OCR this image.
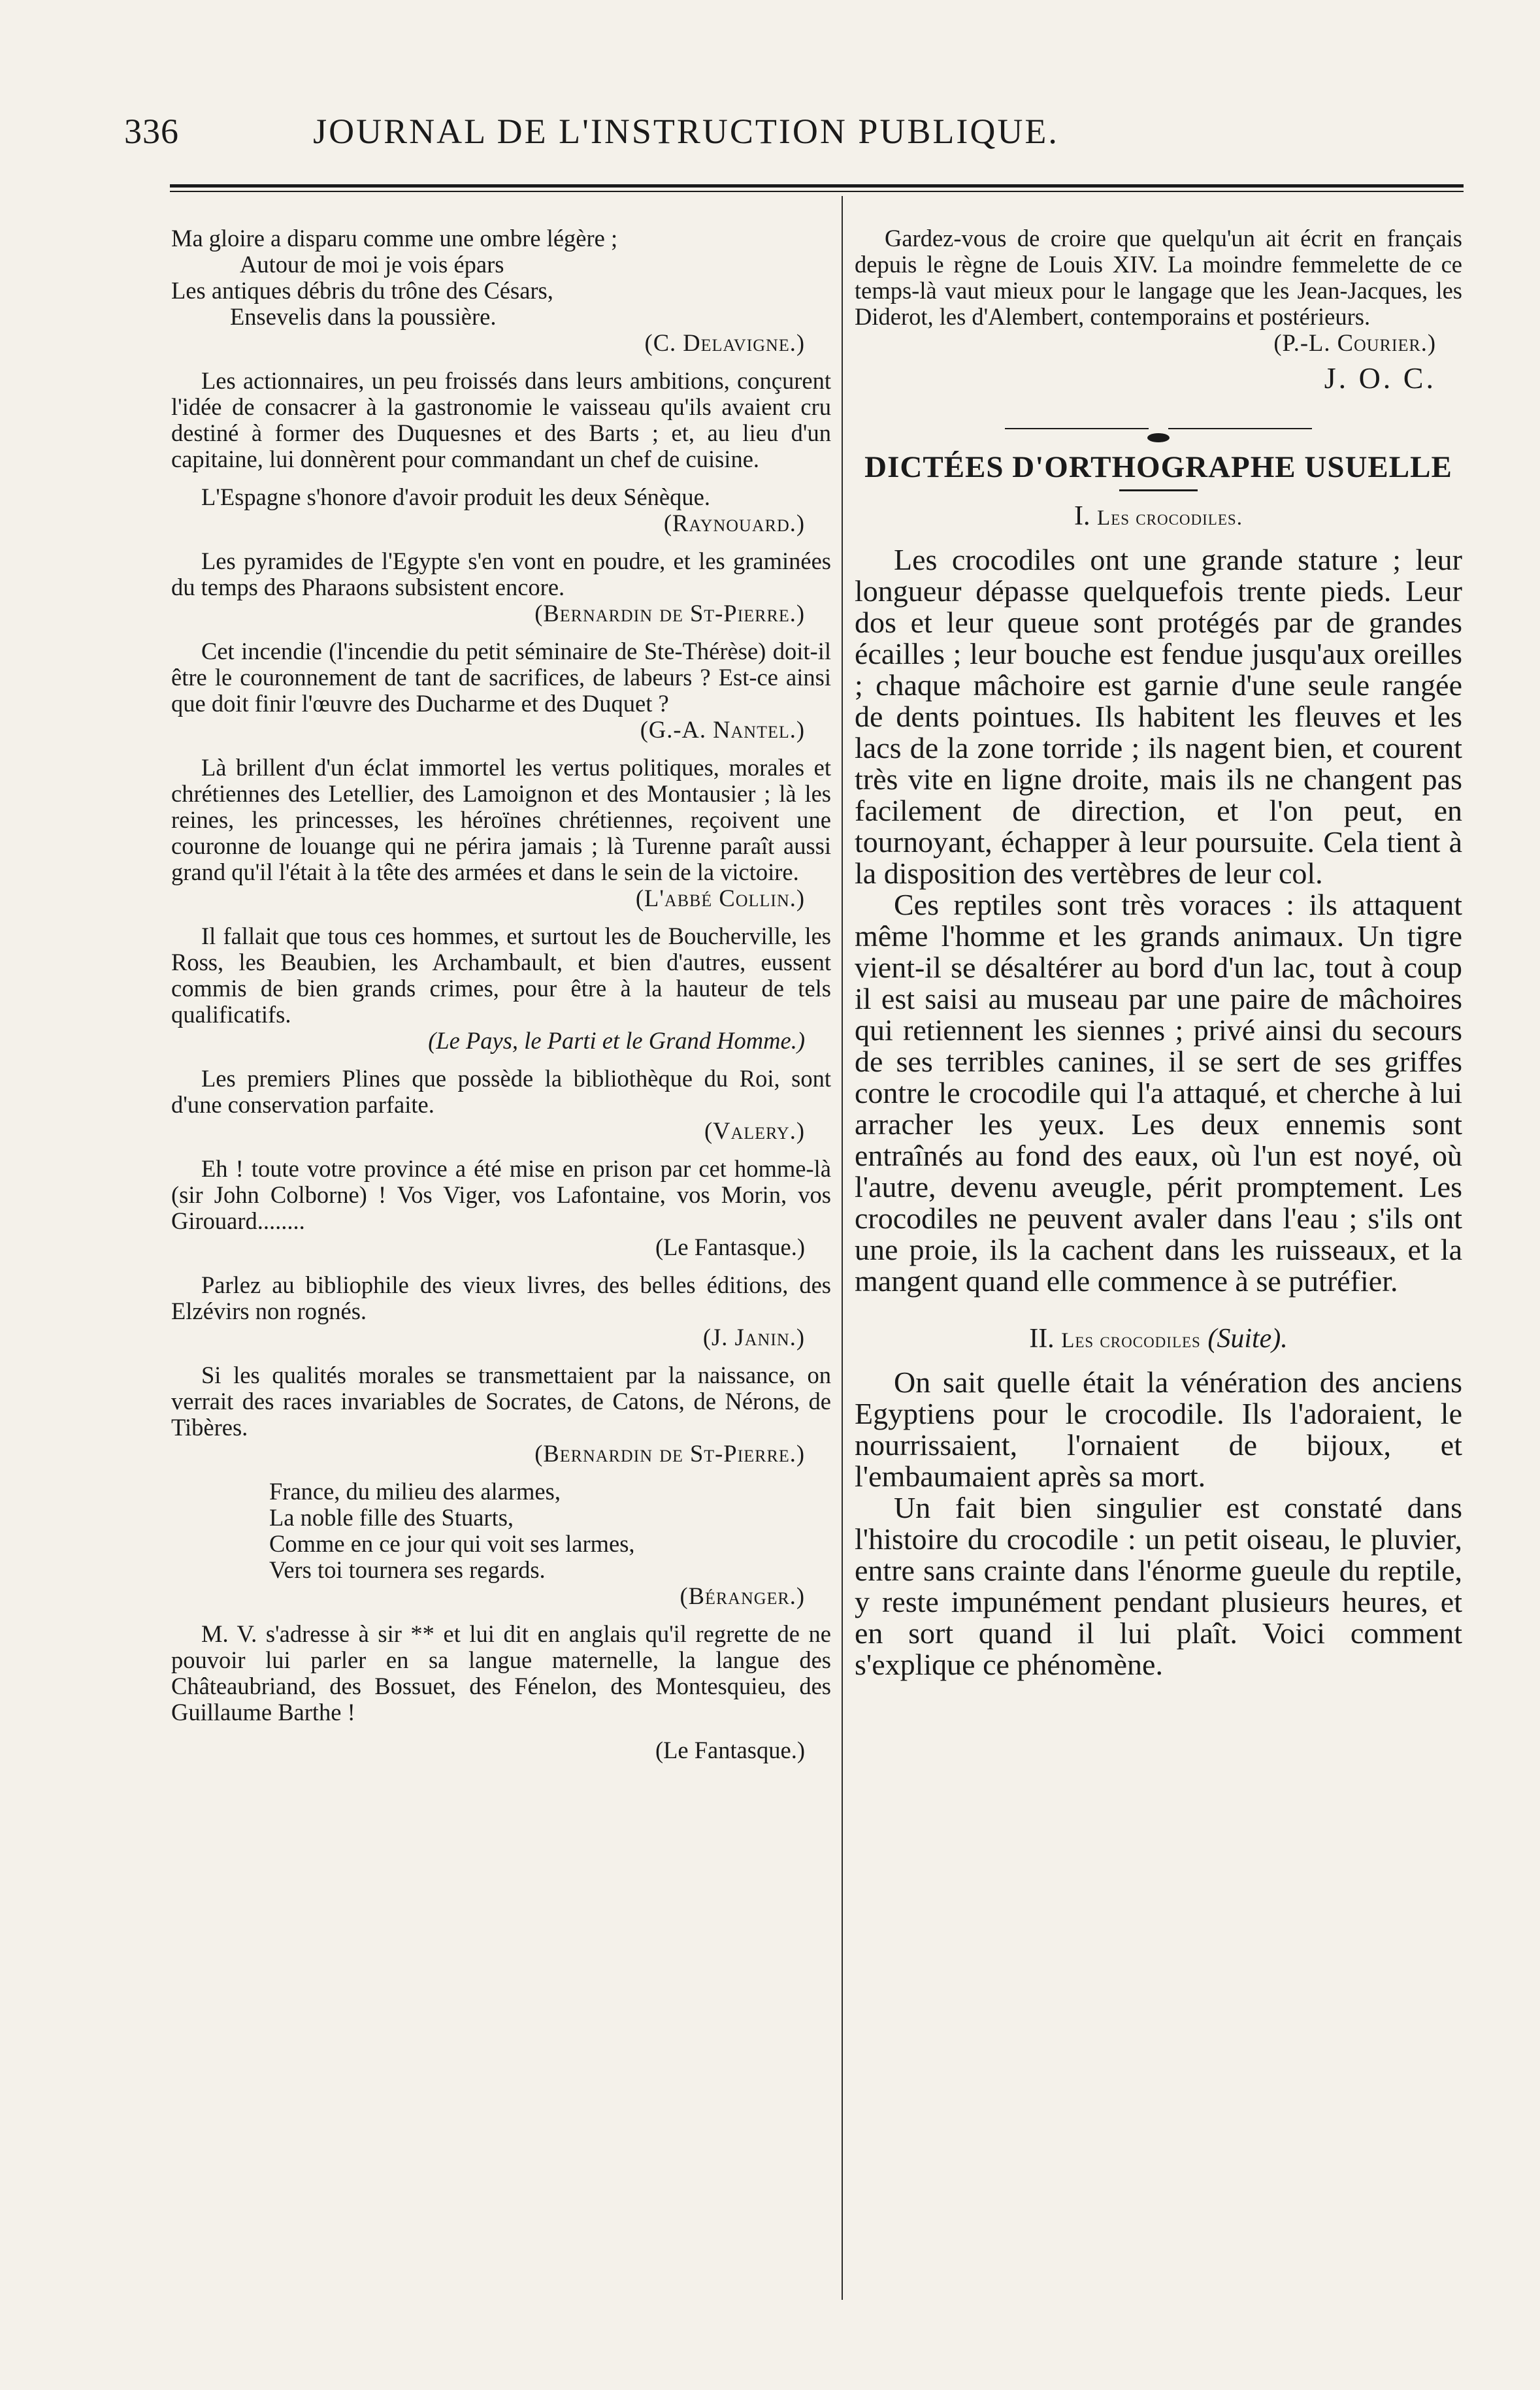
336	JOURNAL DE L'INSTRUCTION PUBLIQUE.

Ma gloire a disparu comme une ombre légère ;

Autour de moi je vois épars

Les antiques débris du trône des Césars,

Ensevelis dans la poussière.

(C. Delavigne.)

Les actionnaires, un peu froissés dans leurs ambitions, conçurent l'idée de consacrer à la gastronomie le vaisseau qu'ils avaient cru destiné à former des Duquesnes et des Barts ; et, au lieu d'un capitaine, lui donnèrent pour commandant un chef de cuisine.

L'Espagne s'honore d'avoir produit les deux Sénèque.

(Raynouard.)

Les pyramides de l'Egypte s'en vont en poudre, et les graminées du temps des Pharaons subsistent encore.

(Bernardin de St-Pierre.)

Cet incendie (l'incendie du petit séminaire de Ste-Thérèse) doit-il être le couronnement de tant de sacrifices, de labeurs ? Est-ce ainsi que doit finir l'œuvre des Ducharme et des Duquet ?

(G.-A. Nantel.)

Là brillent d'un éclat immortel les vertus politiques, morales et chrétiennes des Letellier, des Lamoignon et des Montausier ; là les reines, les princesses, les héroïnes chrétiennes, reçoivent une couronne de louange qui ne périra jamais ; là Turenne paraît aussi grand qu'il l'était à la tête des armées et dans le sein de la victoire.

(L'abbé Collin.)

Il fallait que tous ces hommes, et surtout les de Boucherville, les Ross, les Beaubien, les Archambault, et bien d'autres, eussent commis de bien grands crimes, pour être à la hauteur de tels qualificatifs.

(Le Pays, le Parti et le Grand Homme.)

Les premiers Plines que possède la bibliothèque du Roi, sont d'une conservation parfaite.

(Valery.)

Eh ! toute votre province a été mise en prison par cet homme-là (sir John Colborne) ! Vos Viger, vos Lafontaine, vos Morin, vos Girouard........

(Le Fantasque.)

Parlez au bibliophile des vieux livres, des belles éditions, des Elzévirs non rognés.

(J. Janin.)

Si les qualités morales se transmettaient par la naissance, on verrait des races invariables de Socrates, de Catons, de Nérons, de Tibères.

(Bernardin de St-Pierre.)

France, du milieu des alarmes,

La noble fille des Stuarts,

Comme en ce jour qui voit ses larmes,

Vers toi tournera ses regards.

(Béranger.)

M. V. s'adresse à sir ** et lui dit en anglais qu'il regrette de ne pouvoir lui parler en sa langue maternelle, la langue des Châteaubriand, des Bossuet, des Fénelon, des Montesquieu, des Guillaume Barthe !

(Le Fantasque.)

Gardez-vous de croire que quelqu'un ait écrit en français depuis le règne de Louis XIV. La moindre femmelette de ce temps-là vaut mieux pour le langage que les Jean-Jacques, les Diderot, les d'Alembert, contemporains et postérieurs.

(P.-L. Courier.)

J. O. C.

DICTÉES D'ORTHOGRAPHE USUELLE

I. Les crocodiles.

Les crocodiles ont une grande stature ; leur longueur dépasse quelquefois trente pieds. Leur dos et leur queue sont protégés par de grandes écailles ; leur bouche est fendue jusqu'aux oreilles ; chaque mâchoire est garnie d'une seule rangée de dents pointues. Ils habitent les fleuves et les lacs de la zone torride ; ils nagent bien, et courent très vite en ligne droite, mais ils ne changent pas facilement de direction, et l'on peut, en tournoyant, échapper à leur poursuite. Cela tient à la disposition des vertèbres de leur col.

Ces reptiles sont très voraces : ils attaquent même l'homme et les grands animaux. Un tigre vient-il se désaltérer au bord d'un lac, tout à coup il est saisi au museau par une paire de mâchoires qui retiennent les siennes ; privé ainsi du secours de ses terribles canines, il se sert de ses griffes contre le crocodile qui l'a attaqué, et cherche à lui arracher les yeux. Les deux ennemis sont entraînés au fond des eaux, où l'un est noyé, où l'autre, devenu aveugle, périt promptement. Les crocodiles ne peuvent avaler dans l'eau ; s'ils ont une proie, ils la cachent dans les ruisseaux, et la mangent quand elle commence à se putréfier.

II. Les crocodiles (Suite).

On sait quelle était la vénération des anciens Egyptiens pour le crocodile. Ils l'adoraient, le nourrissaient, l'ornaient de bijoux, et l'embaumaient après sa mort.

Un fait bien singulier est constaté dans l'histoire du crocodile : un petit oiseau, le pluvier, entre sans crainte dans l'énorme gueule du reptile, y reste impunément pendant plusieurs heures, et en sort quand il lui plaît. Voici comment s'explique ce phénomène.
